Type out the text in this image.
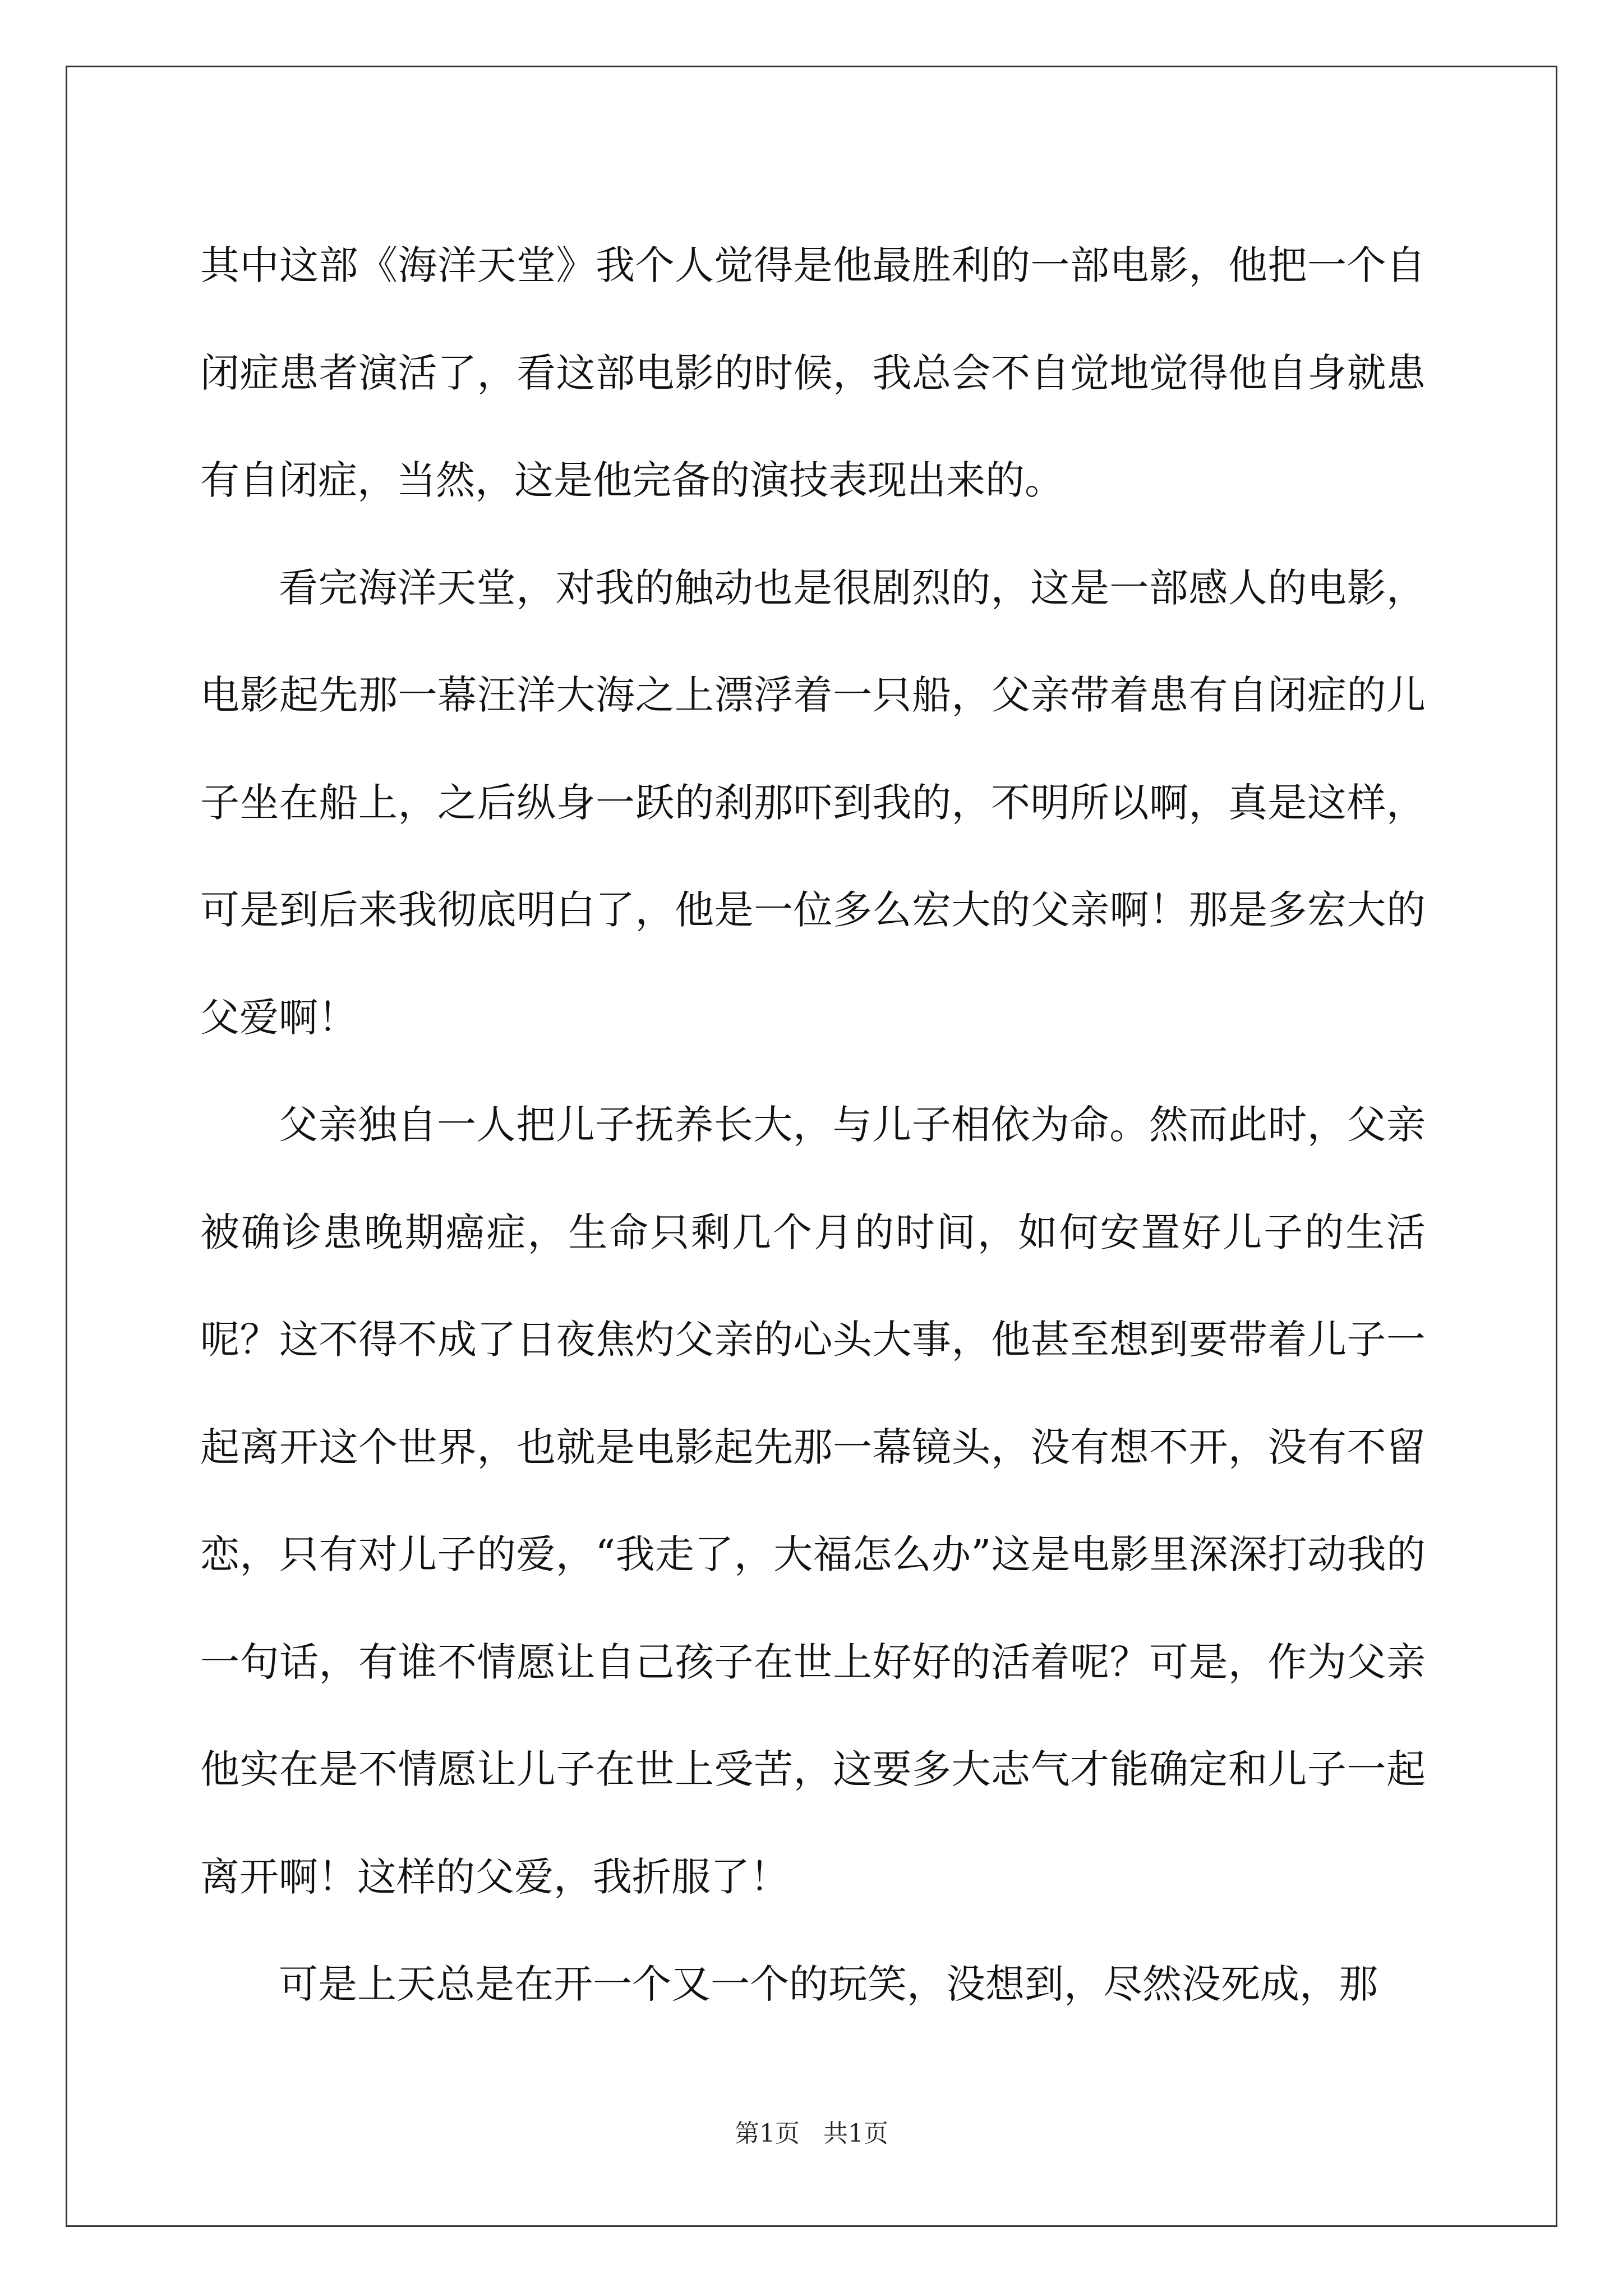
其中这部《海洋天堂》我个人觉得是他最胜利的一部电影，他把一个自闭症患者演活了，看这部电影的时候，我总会不自觉地觉得他自身就患有自闭症，当然，这是他完备的演技表现出来的。

看完海洋天堂，对我的触动也是很剧烈的，这是一部感人的电影，电影起先那一幕汪洋大海之上漂浮着一只船，父亲带着患有自闭症的儿子坐在船上，之后纵身一跃的刹那吓到我的，不明所以啊，真是这样，可是到后来我彻底明白了，他是一位多么宏大的父亲啊！那是多宏大的父爱啊！

父亲独自一人把儿子抚养长大，与儿子相依为命。然而此时，父亲被确诊患晚期癌症，生命只剩几个月的时间，如何安置好儿子的生活呢？这不得不成了日夜焦灼父亲的心头大事，他甚至想到要带着儿子一起离开这个世界，也就是电影起先那一幕镜头，没有想不开，没有不留恋，只有对儿子的爱，“我走了，大福怎么办”这是电影里深深打动我的一句话，有谁不情愿让自己孩子在世上好好的活着呢？可是，作为父亲他实在是不情愿让儿子在世上受苦，这要多大志气才能确定和儿子一起离开啊！这样的父爱，我折服了！

可是上天总是在开一个又一个的玩笑，没想到，尽然没死成，那

第1页   共1页
